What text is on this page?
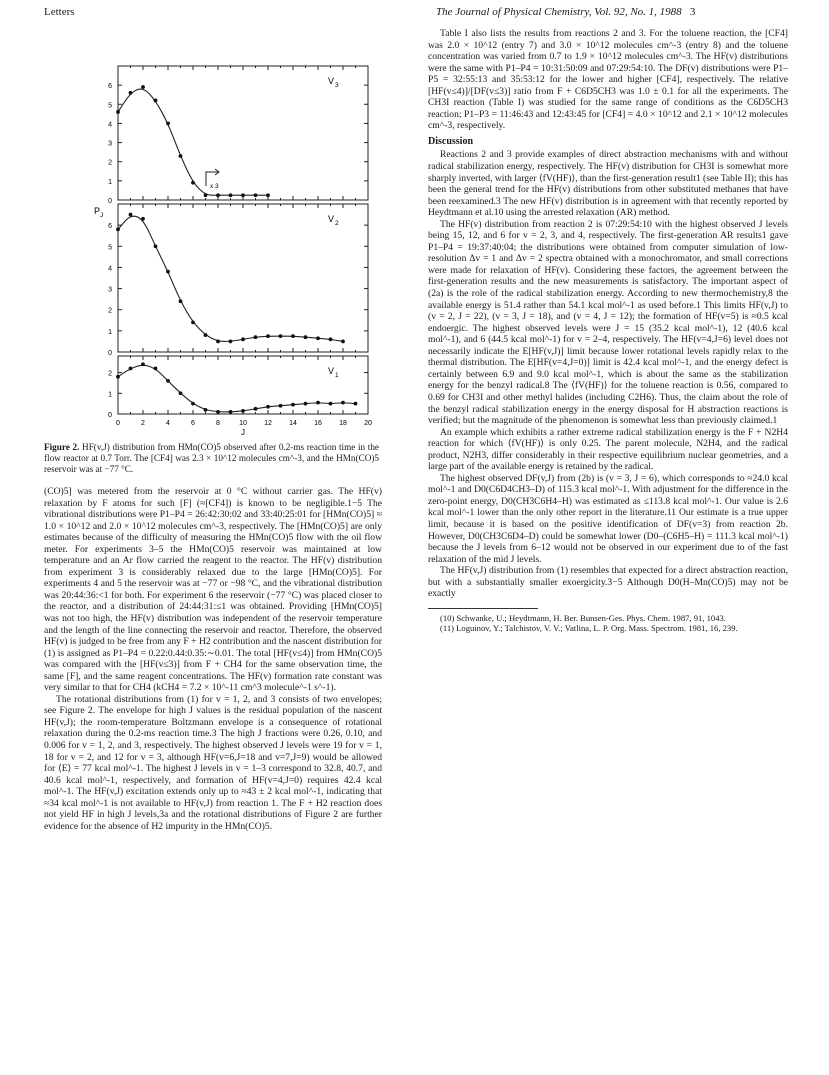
Letters	The Journal of Physical Chemistry, Vol. 92, No. 1, 1988 3
0
1
2
3
4
5
6
V 3
0
1
2
3
4
5
6
V 2
0
1
2	V 1
x 3
0	2	4	6	8	10 12 14 16 18 20
J
P J
Figure 2. HF(v,J) distribution from HMn(CO)5 observed after 0.2-ms reaction time in the flow reactor at 0.7 Torr. The [CF4] was 2.3 × 10^12 molecules cm^-3, and the HMn(CO)5 reservoir was at −77 °C.

(CO)5] was metered from the reservoir at 0 °C without carrier gas. The HF(v) relaxation by F atoms for such [F] (≈[CF4]) is known to be negligible.1−5 The vibrational distributions were P1–P4 = 26:42:30:02 and 33:40:25:01 for [HMn(CO)5] ≈ 1.0 × 10^12 and 2.0 × 10^12 molecules cm^-3, respectively. The [HMn(CO)5] are only estimates because of the difficulty of measuring the HMn(CO)5 flow with the oil flow meter. For experiments 3–5 the HMn(CO)5 reservoir was maintained at low temperature and an Ar flow carried the reagent to the reactor. The HF(v) distribution from experiment 3 is considerably relaxed due to the large [HMn(CO)5]. For experiments 4 and 5 the reservoir was at −77 or −98 °C, and the vibrational distribution was 20:44:36:<1 for both. For experiment 6 the reservoir (−77 °C) was placed closer to the reactor, and a distribution of 24:44:31:≤1 was obtained. Providing [HMn(CO)5] was not too high, the HF(v) distribution was independent of the reservoir temperature and the length of the line connecting the reservoir and reactor. Therefore, the observed HF(v) is judged to be free from any F + H2 contribution and the nascent distribution for (1) is assigned as P1–P4 = 0.22:0.44:0.35:∼0.01. The total [HF(v≤4)] from HMn(CO)5 was compared with the [HF(v≤3)] from F + CH4 for the same observation time, the same [F], and the same reagent concentrations. The HF(v) formation rate constant was very similar to that for CH4 (kCH4 = 7.2 × 10^-11 cm^3 molecule^-1 s^-1).

The rotational distributions from (1) for v = 1, 2, and 3 consists of two envelopes; see Figure 2. The envelope for high J values is the residual population of the nascent HF(v,J); the room-temperature Boltzmann envelope is a consequence of rotational relaxation during the 0.2-ms reaction time.3 The high J fractions were 0.26, 0.10, and 0.006 for v = 1, 2, and 3, respectively. The highest observed J levels were 19 for v = 1, 18 for v = 2, and 12 for v = 3, although HF(v=6,J=18 and v=7,J=9) would be allowed for ⟨E⟩ = 77 kcal mol^-1. The highest J levels in v = 1–3 correspond to 32.8, 40.7, and 40.6 kcal mol^-1, respectively, and formation of HF(v=4,J=0) requires 42.4 kcal mol^-1. The HF(v,J) excitation extends only up to ≈43 ± 2 kcal mol^-1, indicating that ≈34 kcal mol^-1 is not available to HF(v,J) from reaction 1. The F + H2 reaction does not yield HF in high J levels,3a and the rotational distributions of Figure 2 are further evidence for the absence of H2 impurity in the HMn(CO)5.

Table I also lists the results from reactions 2 and 3. For the toluene reaction, the [CF4] was 2.0 × 10^12 (entry 7) and 3.0 × 10^12 molecules cm^-3 (entry 8) and the toluene concentration was varied from 0.7 to 1.9 × 10^12 molecules cm^-3. The HF(v) distributions were the same with P1–P4 = 10:31:50:09 and 07:29:54:10. The DF(v) distributions were P1–P5 = 32:55:13 and 35:53:12 for the lower and higher [CF4], respectively. The relative [HF(v≤4)]/[DF(v≤3)] ratio from F + C6D5CH3 was 1.0 ± 0.1 for all the experiments. The CH3I reaction (Table I) was studied for the same range of conditions as the C6D5CH3 reaction; P1–P3 = 11:46:43 and 12:43:45 for [CF4] = 4.0 × 10^12 and 2.1 × 10^12 molecules cm^-3, respectively.

Discussion

Reactions 2 and 3 provide examples of direct abstraction mechanisms with and without radical stabilization energy, respectively. The HF(v) distribution for CH3I is somewhat more sharply inverted, with larger ⟨fV(HF)⟩, than the first-generation result1 (see Table II); this has been the general trend for the HF(v) distributions from other substituted methanes that have been reexamined.3 The new HF(v) distribution is in agreement with that recently reported by Heydtmann et al.10 using the arrested relaxation (AR) method.

The HF(v) distribution from reaction 2 is 07:29:54:10 with the highest observed J levels being 15, 12, and 6 for v = 2, 3, and 4, respectively. The first-generation AR results1 gave P1–P4 = 19:37:40:04; the distributions were obtained from computer simulation of low-resolution Δv = 1 and Δv = 2 spectra obtained with a monochromator, and small corrections were made for relaxation of HF(v). Considering these factors, the agreement between the first-generation results and the new measurements is satisfactory. The important aspect of (2a) is the role of the radical stabilization energy. According to new thermochemistry,8 the available energy is 51.4 rather than 54.1 kcal mol^-1 as used before.1 This limits HF(v,J) to (v = 2, J = 22), (v = 3, J = 18), and (v = 4, J = 12); the formation of HF(v=5) is ≈0.5 kcal endoergic. The highest observed levels were J = 15 (35.2 kcal mol^-1), 12 (40.6 kcal mol^-1), and 6 (44.5 kcal mol^-1) for v = 2–4, respectively. The HF(v=4,J=6) level does not necessarily indicate the E[HF(v,J)] limit because lower rotational levels rapidly relax to the thermal distribution. The E[HF(v=4,J=0)] limit is 42.4 kcal mol^-1, and the energy defect is certainly between 6.9 and 9.0 kcal mol^-1, which is about the same as the stabilization energy for the benzyl radical.8 The ⟨fV(HF)⟩ for the toluene reaction is 0.56, compared to 0.69 for CH3I and other methyl halides (including C2H6). Thus, the claim about the role of the benzyl radical stabilization energy in the energy disposal for H abstraction reactions is verified; but the magnitude of the phenomenon is somewhat less than previously claimed.1

An example which exhibits a rather extreme radical stabilization energy is the F + N2H4 reaction for which ⟨fV(HF)⟩ is only 0.25. The parent molecule, N2H4, and the radical product, N2H3, differ considerably in their respective equilibrium nuclear geometries, and a large part of the available energy is retained by the radical.

The highest observed DF(v,J) from (2b) is (v = 3, J = 6), which corresponds to ≈24.0 kcal mol^-1 and D0(C6D4CH3–D) of 115.3 kcal mol^-1. With adjustment for the difference in the zero-point energy, D0(CH3C6H4–H) was estimated as ≤113.8 kcal mol^-1. Our value is 2.6 kcal mol^-1 lower than the only other report in the literature.11 Our estimate is a true upper limit, because it is based on the positive identification of DF(v=3) from reaction 2b. However, D0(CH3C6D4–D) could be somewhat lower (D0–(C6H5–H) = 111.3 kcal mol^-1) because the J levels from 6–12 would not be observed in our experiment due to of the fast relaxation of the mid J levels.

The HF(v,J) distribution from (1) resembles that expected for a direct abstraction reaction, but with a substantially smaller exoergicity.3−5 Although D0(H–Mn(CO)5) may not be exactly

(10) Schwanke, U.; Heydtmann, H. Ber. Bunsen-Ges. Phys. Chem. 1987, 91, 1043.

(11) Loguinov, Y.; Talchistov, V. V.; Vatlina, L. P. Org. Mass. Spectrom. 1981, 16, 239.
